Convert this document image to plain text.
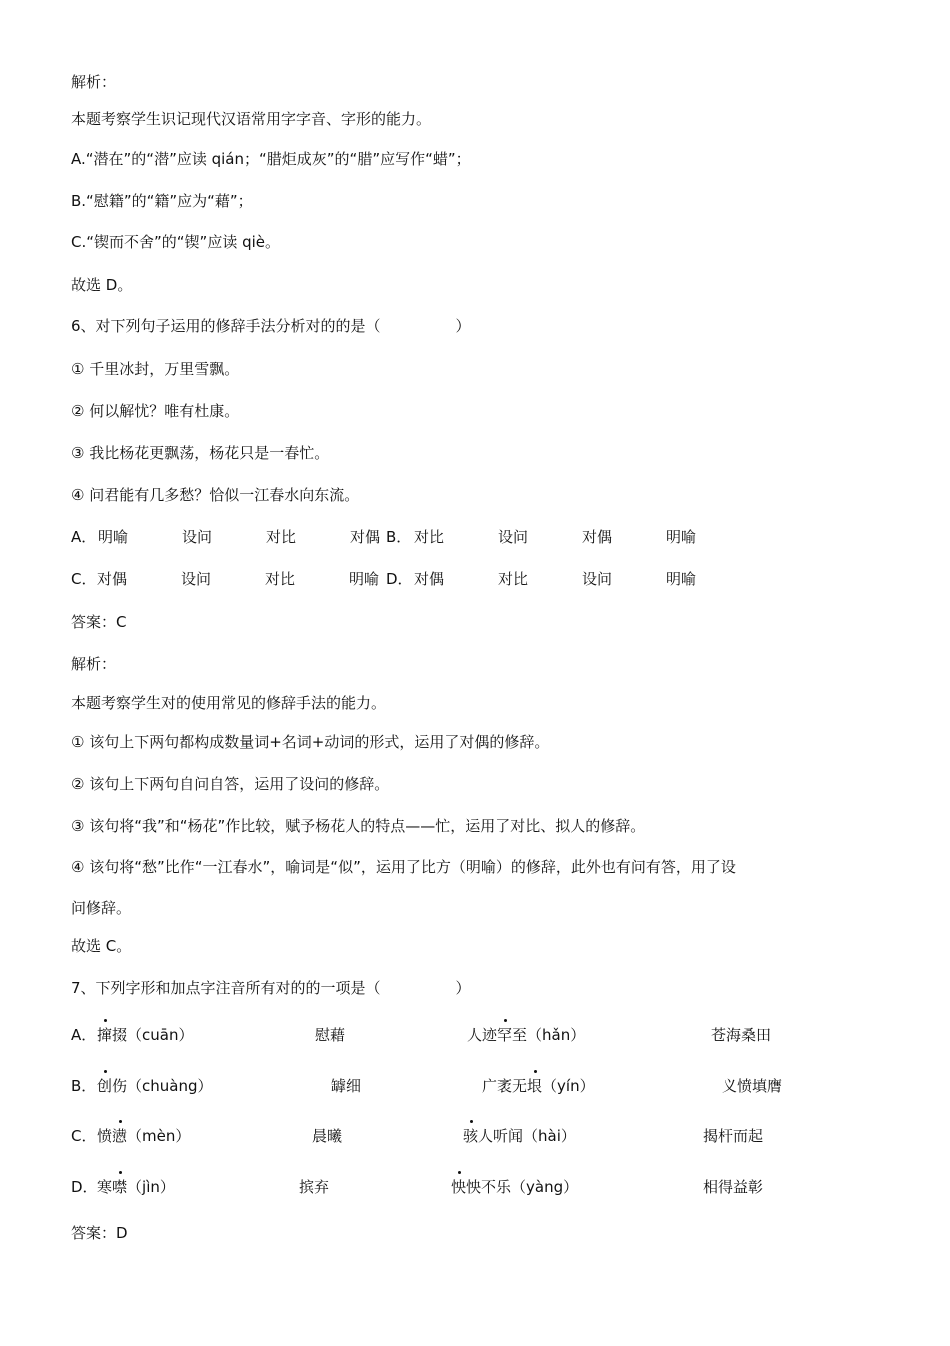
解析：
本题考察学生识记现代汉语常用字字音、字形的能力。
A.“潜在”的“潜”应读 qián；“腊炬成灰”的“腊”应写作“蜡”；
B.“慰籍”的“籍”应为“藉”；
C.“锲而不舍”的“锲”应读 qiè。
故选 D。
6、对下列句子运用的修辞手法分析对的的是（　　　　　）
① 千里冰封，万里雪飘。
② 何以解忧？唯有杜康。
③ 我比杨花更飘荡，杨花只是一春忙。
④ 问君能有几多愁？恰似一江春水向东流。
A． 明喻	设问	对比	对偶 B． 对比	设问	对偶	明喻
C． 对偶	设问	对比	明喻 D． 对偶	对比	设问	明喻
答案：C
解析：
本题考察学生对的使用常见的修辞手法的能力。
① 该句上下两句都构成数量词+名词+动词的形式，运用了对偶的修辞。
② 该句上下两句自问自答，运用了设问的修辞。
③ 该句将“我”和“杨花”作比较，赋予杨花人的特点——忙，运用了对比、拟人的修辞。
④ 该句将“愁”比作“一江春水”，喻词是“似”，运用了比方（明喻）的修辞，此外也有问有答，用了设
问修辞。
故选 C。
7、下列字形和加点字注音所有对的的一项是（　　　　　）
A． 撺掇（cuān）	慰藉	人迹罕至（hǎn）	苍海桑田
B． 创伤（chuàng）	罅细	广袤无垠（yín）	义愤填膺
C． 愤懑（mèn）	晨曦	骇人听闻（hài）	揭杆而起
D． 寒噤（jìn）	摈弃	怏怏不乐（yàng）	相得益彰
答案：D
